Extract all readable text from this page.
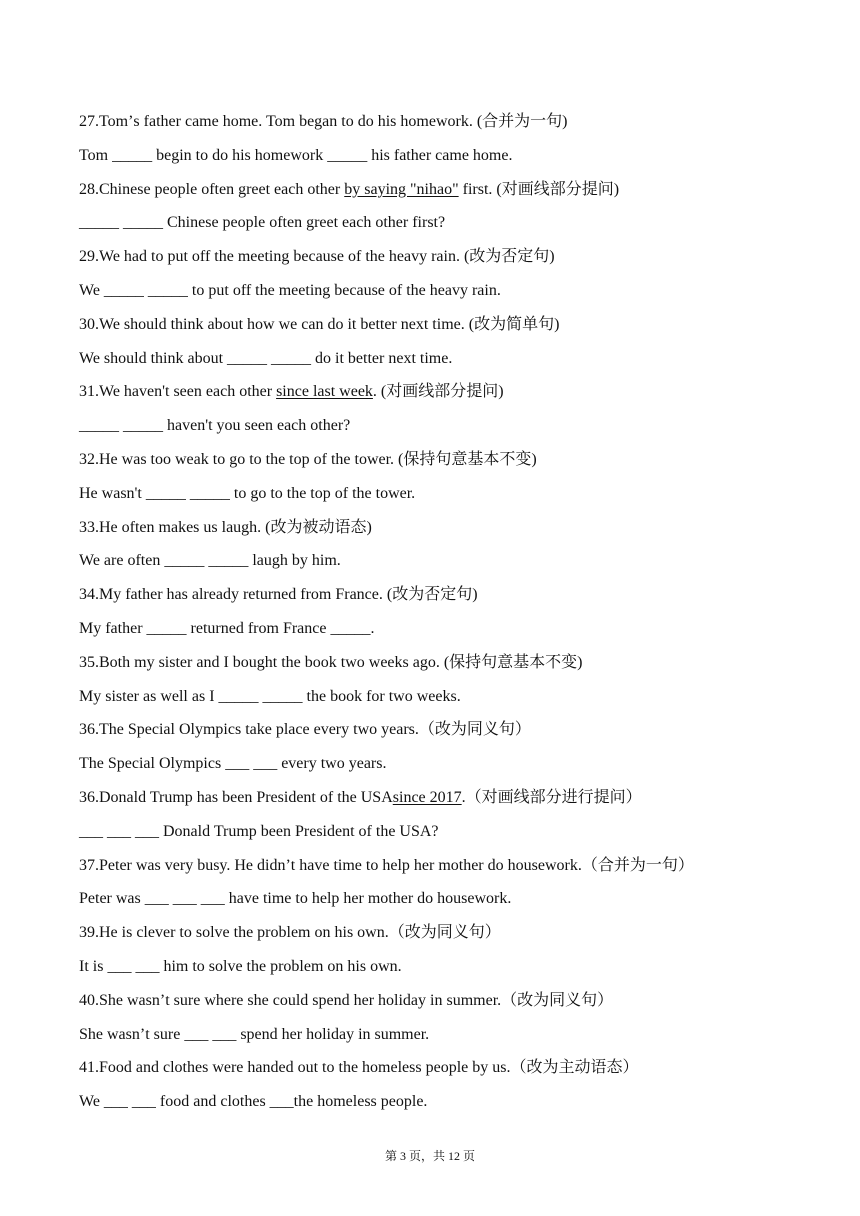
27.Tomʼs father came home. Tom began to do his homework. (合并为一句)
Tom _____ begin to do his homework _____ his father came home.
28.Chinese people often greet each other by saying "nihao" first. (对画线部分提问)
_____ _____ Chinese people often greet each other first?
29.We had to put off the meeting because of the heavy rain. (改为否定句)
We _____ _____ to put off the meeting because of the heavy rain.
30.We should think about how we can do it better next time. (改为简单句)
We should think about _____ _____ do it better next time.
31.We haven't seen each other since last week. (对画线部分提问)
_____ _____ haven't you seen each other?
32.He was too weak to go to the top of the tower. (保持句意基本不变)
He wasn't _____ _____ to go to the top of the tower.
33.He often makes us laugh. (改为被动语态)
We are often _____ _____ laugh by him.
34.My father has already returned from France. (改为否定句)
My father _____ returned from France _____.
35.Both my sister and I bought the book two weeks ago. (保持句意基本不变)
My sister as well as I _____ _____ the book for two weeks.
36.The Special Olympics take place every two years.（改为同义句）
The Special Olympics ___ ___ every two years.
36.Donald Trump has been President of the USAsince 2017.（对画线部分进行提问）
___ ___ ___ Donald Trump been President of the USA?
37.Peter was very busy. He didnʼt have time to help her mother do housework.（合并为一句）
Peter was ___ ___ ___ have time to help her mother do housework.
39.He is clever to solve the problem on his own.（改为同义句）
It is ___ ___ him to solve the problem on his own.
40.She wasnʼt sure where she could spend her holiday in summer.（改为同义句）
She wasnʼt sure ___ ___ spend her holiday in summer.
41.Food and clothes were handed out to the homeless people by us.（改为主动语态）
We ___ ___ food and clothes ___the homeless people.
第 3 页，共 12 页
